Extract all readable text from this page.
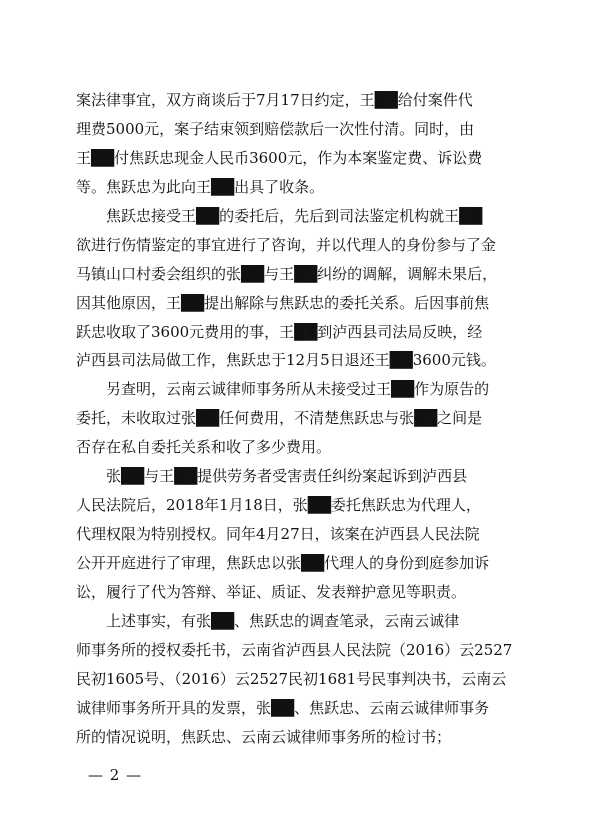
案法律事宜，双方商谈后于7月17日约定，王██给付案件代
理费5000元，案子结束领到赔偿款后一次性付清。同时，由
王██付焦跃忠现金人民币3600元，作为本案鉴定费、诉讼费
等。焦跃忠为此向王██出具了收条。
　　焦跃忠接受王██的委托后，先后到司法鉴定机构就王██
欲进行伤情鉴定的事宜进行了咨询，并以代理人的身份参与了金
马镇山口村委会组织的张██与王██纠纷的调解，调解未果后，
因其他原因，王██提出解除与焦跃忠的委托关系。后因事前焦
跃忠收取了3600元费用的事，王██到泸西县司法局反映，经
泸西县司法局做工作，焦跃忠于12月5日退还王██3600元钱。
　　另查明，云南云诚律师事务所从未接受过王██作为原告的
委托，未收取过张██任何费用，不清楚焦跃忠与张██之间是
否存在私自委托关系和收了多少费用。
　　张██与王██提供劳务者受害责任纠纷案起诉到泸西县
人民法院后，2018年1月18日，张██委托焦跃忠为代理人，
代理权限为特别授权。同年4月27日，该案在泸西县人民法院
公开开庭进行了审理，焦跃忠以张██代理人的身份到庭参加诉
讼，履行了代为答辩、举证、质证、发表辩护意见等职责。
　　上述事实，有张██、焦跃忠的调查笔录，云南云诚律
师事务所的授权委托书，云南省泸西县人民法院（2016）云2527
民初1605号、（2016）云2527民初1681号民事判决书，云南云
诚律师事务所开具的发票，张██、焦跃忠、云南云诚律师事务
所的情况说明，焦跃忠、云南云诚律师事务所的检讨书；
— 2 —
